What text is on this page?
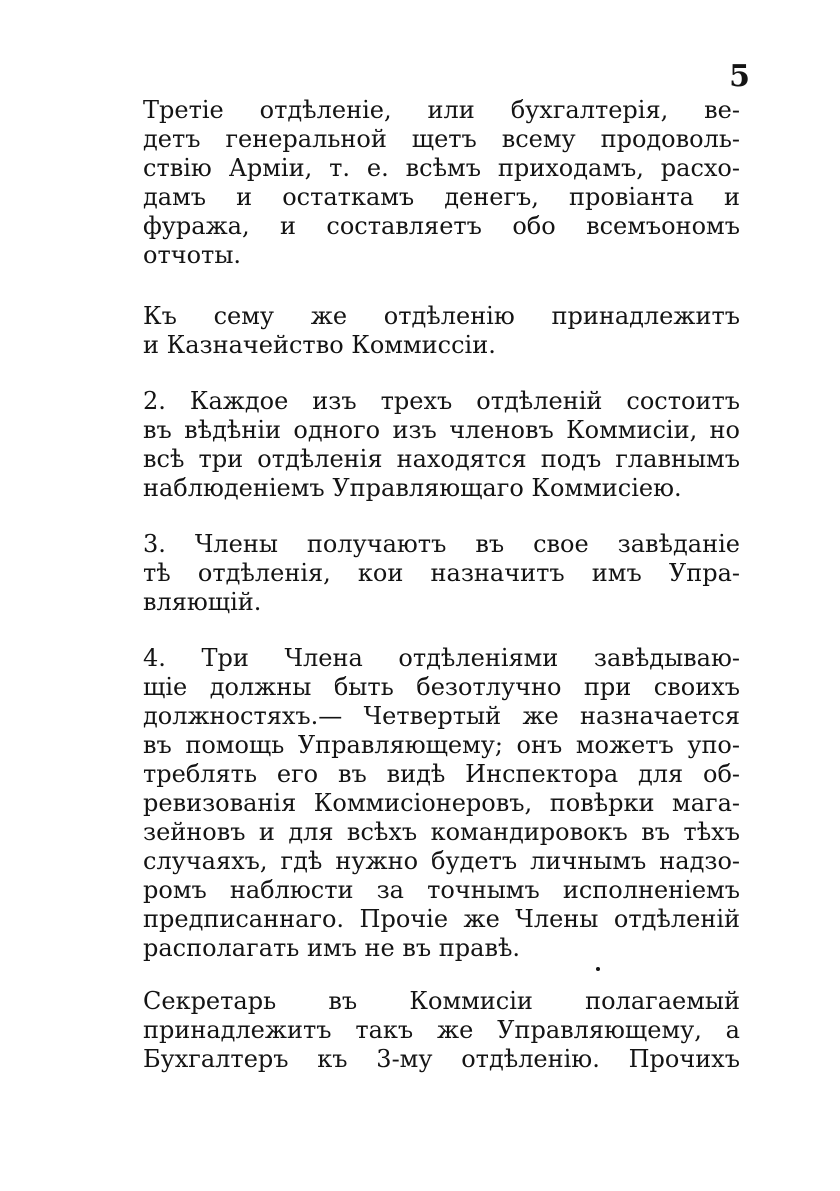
5
Третіе отдѣленіе, или бухгалтерія, ве-
детъ генеральной щетъ всему продоволь-
ствію Арміи, т. е. всѣмъ приходамъ, расхо-
дамъ и остаткамъ денегъ, провіанта и
фуража, и составляетъ обо всемъономъ
отчоты.
Къ сему же отдѣленію принадлежитъ
и Казначейство Коммиссіи.
2. Каждое изъ трехъ отдѣленій состоитъ
въ вѣдѣніи одного изъ членовъ Коммисіи, но
всѣ три отдѣленія находятся подъ главнымъ
наблюденіемъ Управляющаго Коммисіею.
3. Члены получаютъ въ свое завѣданіе
тѣ отдѣленія, кои назначитъ имъ Упра-
вляющій.
4. Три Члена отдѣленіями завѣдываю-
щіе должны быть безотлучно при своихъ
должностяхъ.— Четвертый же назначается
въ помощь Управляющему; онъ можетъ упо-
треблять его въ видѣ Инспектора для об-
ревизованія Коммисіонеровъ, повѣрки мага-
зейновъ и для всѣхъ командировокъ въ тѣхъ
случаяхъ, гдѣ нужно будетъ личнымъ надзо-
ромъ наблюсти за точнымъ исполненіемъ
предписаннаго. Прочіе же Члены отдѣленій
располагать имъ не въ правѣ.
Секретарь въ Коммисіи полагаемый
принадлежитъ такъ же Управляющему, а
Бухгалтеръ къ 3-му отдѣленію. Прочихъ
